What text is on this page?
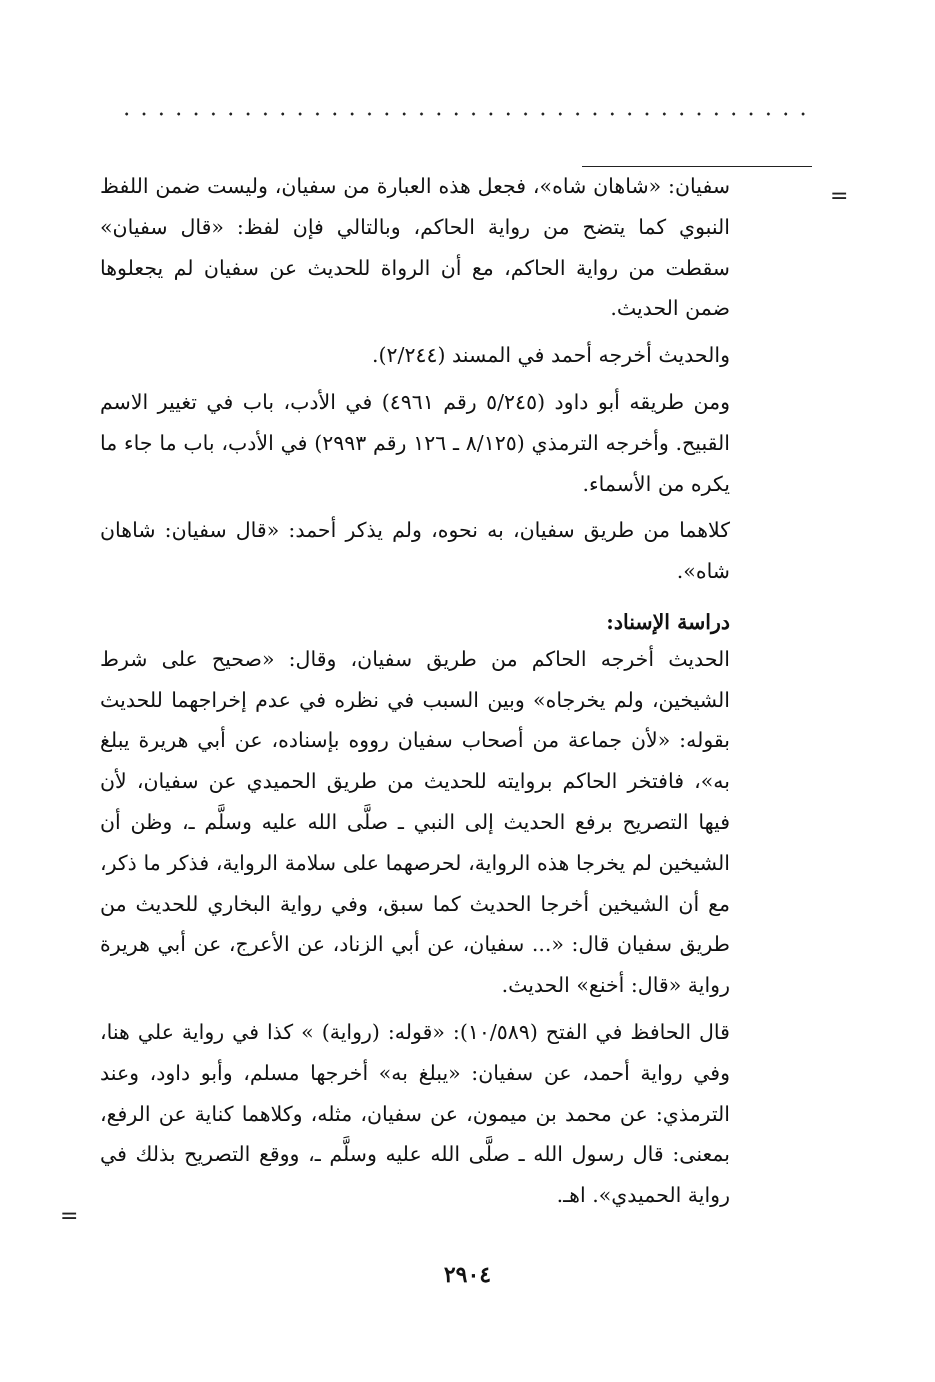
=

سفيان: «شاهان شاه»، فجعل هذه العبارة من سفيان، وليست ضمن اللفظ النبوي كما يتضح من رواية الحاكم، وبالتالي فإن لفظ: «قال سفيان» سقطت من رواية الحاكم، مع أن الرواة للحديث عن سفيان لم يجعلوها ضمن الحديث.

والحديث أخرجه أحمد في المسند (٢/٢٤٤).

ومن طريقه أبو داود (٥/٢٤٥ رقم ٤٩٦١) في الأدب، باب في تغيير الاسم القبيح. وأخرجه الترمذي (٨/١٢٥ ـ ١٢٦ رقم ٢٩٩٣) في الأدب، باب ما جاء ما يكره من الأسماء.

كلاهما من طريق سفيان، به نحوه، ولم يذكر أحمد: «قال سفيان: شاهان شاه».

دراسة الإسناد:

الحديث أخرجه الحاكم من طريق سفيان، وقال: «صحيح على شرط الشيخين، ولم يخرجاه» وبين السبب في نظره في عدم إخراجهما للحديث بقوله: «لأن جماعة من أصحاب سفيان رووه بإسناده، عن أبي هريرة يبلغ به»، فافتخر الحاكم بروايته للحديث من طريق الحميدي عن سفيان، لأن فيها التصريح برفع الحديث إلى النبي ـ صلَّى الله عليه وسلَّم ـ، وظن أن الشيخين لم يخرجا هذه الرواية، لحرصهما على سلامة الرواية، فذكر ما ذكر، مع أن الشيخين أخرجا الحديث كما سبق، وفي رواية البخاري للحديث من طريق سفيان قال: «... سفيان، عن أبي الزناد، عن الأعرج، عن أبي هريرة رواية «قال: أخنع» الحديث.

قال الحافظ في الفتح (١٠/٥٨٩): «قوله: (رواية) » كذا في رواية علي هنا، وفي رواية أحمد، عن سفيان: «يبلغ به» أخرجها مسلم، وأبو داود، وعند الترمذي: عن محمد بن ميمون، عن سفيان، مثله، وكلاهما كناية عن الرفع، بمعنى: قال رسول الله ـ صلَّى الله عليه وسلَّم ـ، ووقع التصريح بذلك في رواية الحميدي». اهـ.

=
٢٩٠٤
